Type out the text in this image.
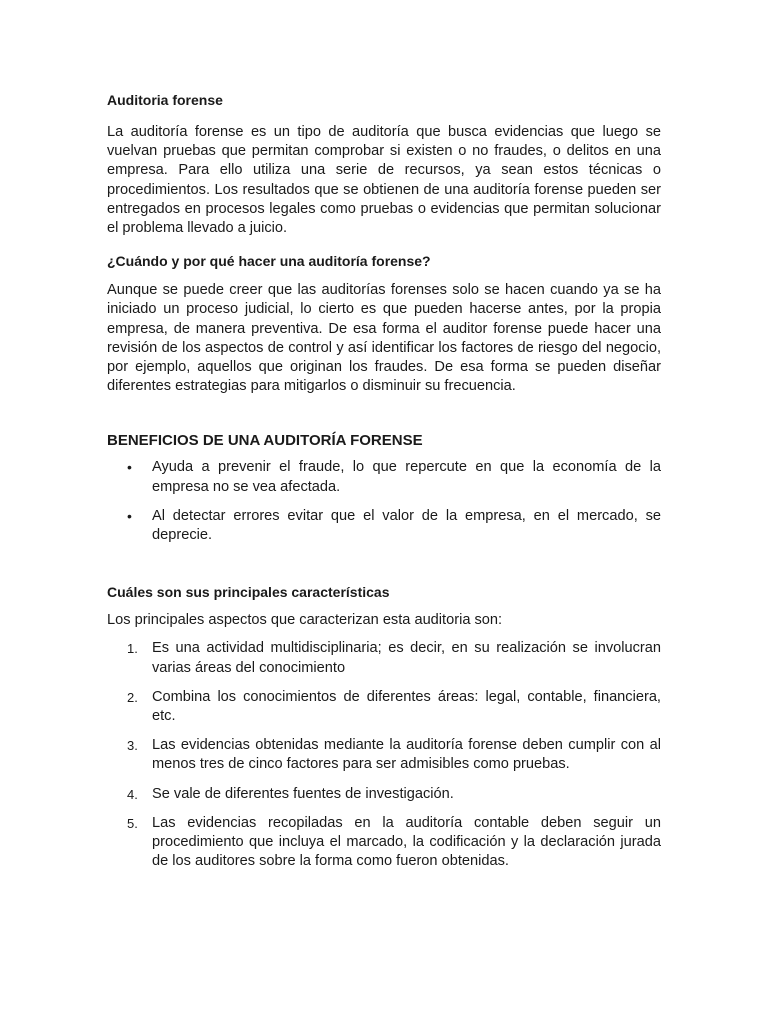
Auditoria forense

La auditoría forense es un tipo de auditoría que busca evidencias que luego se vuelvan pruebas que permitan comprobar si existen o no fraudes, o delitos en una empresa. Para ello utiliza una serie de recursos, ya sean estos técnicas o procedimientos. Los resultados que se obtienen de una auditoría forense pueden ser entregados en procesos legales como pruebas o evidencias que permitan solucionar el problema llevado a juicio.

¿Cuándo y por qué hacer una auditoría forense?

Aunque se puede creer que las auditorías forenses solo se hacen cuando ya se ha iniciado un proceso judicial, lo cierto es que pueden hacerse antes, por la propia empresa, de manera preventiva. De esa forma el auditor forense puede hacer una revisión de los aspectos de control y así identificar los factores de riesgo del negocio, por ejemplo, aquellos que originan los fraudes. De esa forma se pueden diseñar diferentes estrategias para mitigarlos o disminuir su frecuencia.

BENEFICIOS DE UNA AUDITORÍA FORENSE
• Ayuda a prevenir el fraude, lo que repercute en que la economía de la empresa no se vea afectada.
• Al detectar errores evitar que el valor de la empresa, en el mercado, se deprecie.
Cuáles son sus principales características

Los principales aspectos que caracterizan esta auditoria son:

1. Es una actividad multidisciplinaria; es decir, en su realización se involucran varias áreas del conocimiento
2. Combina los conocimientos de diferentes áreas: legal, contable, financiera, etc.
3. Las evidencias obtenidas mediante la auditoría forense deben cumplir con al menos tres de cinco factores para ser admisibles como pruebas.
4. Se vale de diferentes fuentes de investigación.
5. Las evidencias recopiladas en la auditoría contable deben seguir un procedimiento que incluya el marcado, la codificación y la declaración jurada de los auditores sobre la forma como fueron obtenidas.
